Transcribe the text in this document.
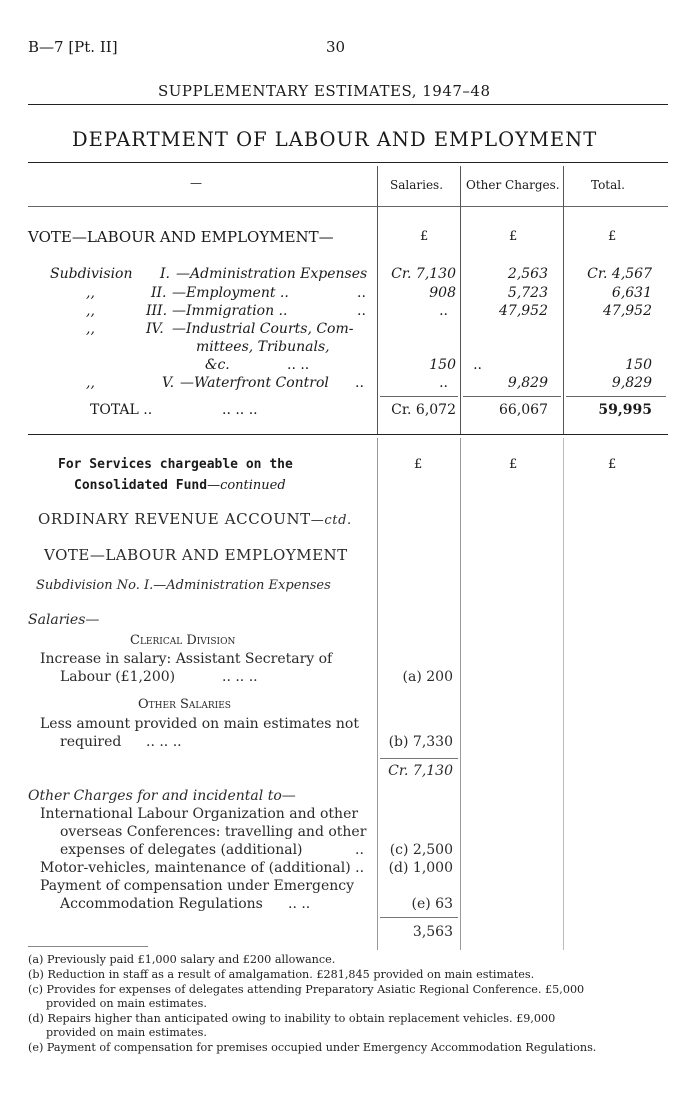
B—7 [Pt. II]	30
SUPPLEMENTARY ESTIMATES, 1947–48
DEPARTMENT OF LABOUR AND EMPLOYMENT
—	Salaries. Other Charges.	Total.
VOTE—LABOUR AND EMPLOYMENT—	£	£	£
Subdivision I. —Administration Expenses Cr. 7,130	2,563	Cr. 4,567
,,	II. —Employment ..	..	908	5,723	6,631
,,	III. —Immigration ..	..	..	47,952	47,952
,,	IV. —Industrial Courts, Com-
mittees, Tribunals,
&c.	.. ..	150 ..	150
,,	V. —Waterfront Control ..	..	9,829	9,829
TOTAL ..	.. .. ..	Cr. 6,072	66,067	59,995
For Services chargeable on the
Consolidated Fund—continued
£	£	£
ORDINARY REVENUE ACCOUNT—ctd.
VOTE—LABOUR AND EMPLOYMENT
Subdivision No. I.—Administration Expenses
Salaries—
Clerical Division
Increase in salary: Assistant Secretary of
Labour (£1,200)	.. .. ..	(a) 200
Other Salaries
Less amount provided on main estimates not
required .. .. ..	(b) 7,330
Cr. 7,130
Other Charges for and incidental to—
International Labour Organization and other
overseas Conferences: travelling and other
expenses of delegates (additional)	.. (c) 2,500
Motor-vehicles, maintenance of (additional) .. (d) 1,000
Payment of compensation under Emergency
Accommodation Regulations .. ..	(e) 63
3,563
(a) Previously paid £1,000 salary and £200 allowance.
(b) Reduction in staff as a result of amalgamation. £281,845 provided on main estimates.
(c) Provides for expenses of delegates attending Preparatory Asiatic Regional Conference. £5,000
provided on main estimates.
(d) Repairs higher than anticipated owing to inability to obtain replacement vehicles. £9,000
provided on main estimates.
(e) Payment of compensation for premises occupied under Emergency Accommodation Regulations.
